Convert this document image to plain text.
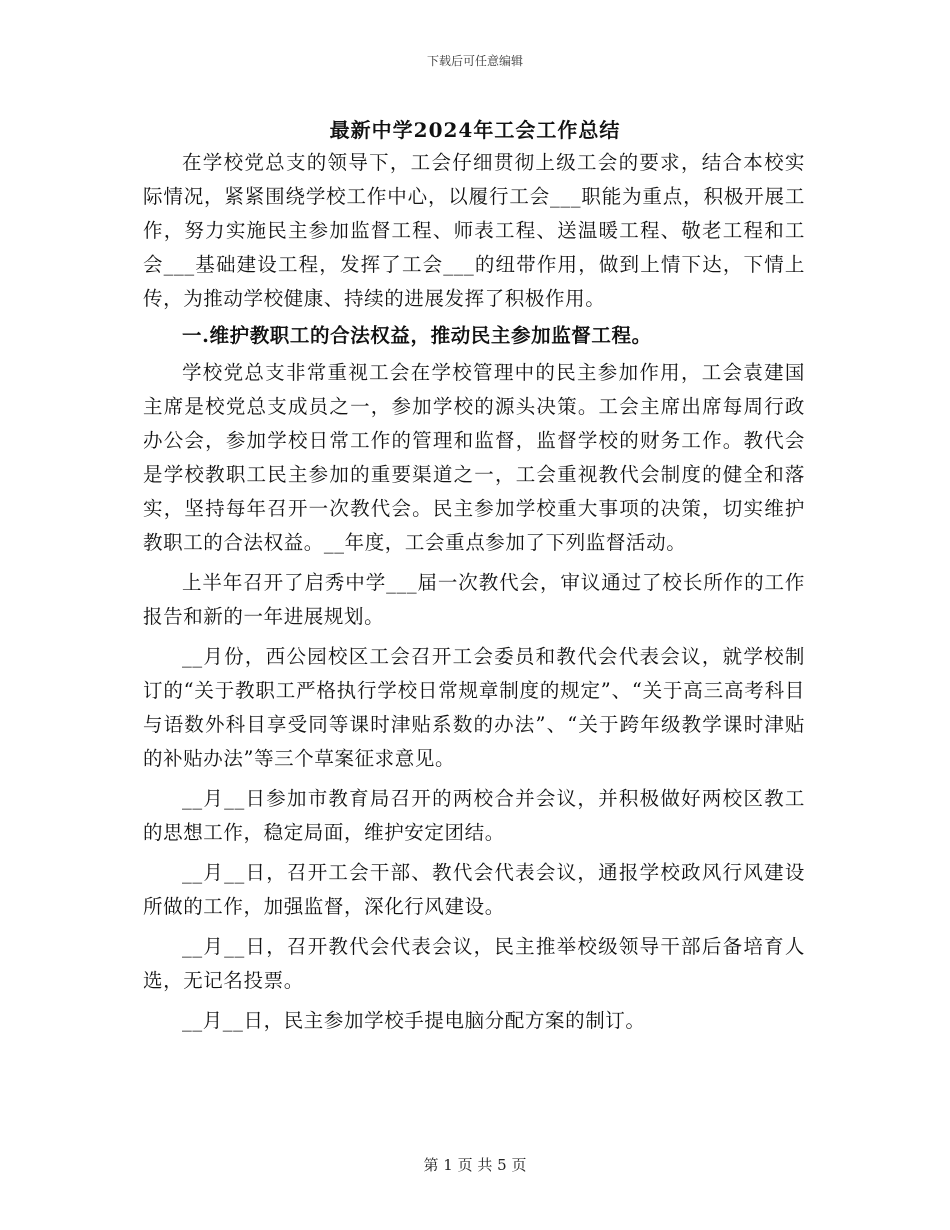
下载后可任意编辑
最新中学2024年工会工作总结

在学校党总支的领导下，工会仔细贯彻上级工会的要求，结合本校实际情况，紧紧围绕学校工作中心，以履行工会___职能为重点，积极开展工作，努力实施民主参加监督工程、师表工程、送温暖工程、敬老工程和工会___基础建设工程，发挥了工会___的纽带作用，做到上情下达，下情上传，为推动学校健康、持续的进展发挥了积极作用。

一.维护教职工的合法权益，推动民主参加监督工程。

学校党总支非常重视工会在学校管理中的民主参加作用，工会袁建国主席是校党总支成员之一，参加学校的源头决策。工会主席出席每周行政办公会，参加学校日常工作的管理和监督，监督学校的财务工作。教代会是学校教职工民主参加的重要渠道之一，工会重视教代会制度的健全和落实，坚持每年召开一次教代会。民主参加学校重大事项的决策，切实维护教职工的合法权益。__年度，工会重点参加了下列监督活动。

上半年召开了启秀中学___届一次教代会，审议通过了校长所作的工作报告和新的一年进展规划。

__月份，西公园校区工会召开工会委员和教代会代表会议，就学校制订的“关于教职工严格执行学校日常规章制度的规定”、“关于高三高考科目与语数外科目享受同等课时津贴系数的办法”、“关于跨年级教学课时津贴的补贴办法”等三个草案征求意见。

__月__日参加市教育局召开的两校合并会议，并积极做好两校区教工的思想工作，稳定局面，维护安定团结。

__月__日，召开工会干部、教代会代表会议，通报学校政风行风建设所做的工作，加强监督，深化行风建设。

__月__日，召开教代会代表会议，民主推举校级领导干部后备培育人选，无记名投票。

__月__日，民主参加学校手提电脑分配方案的制订。

第 1 页 共 5 页
